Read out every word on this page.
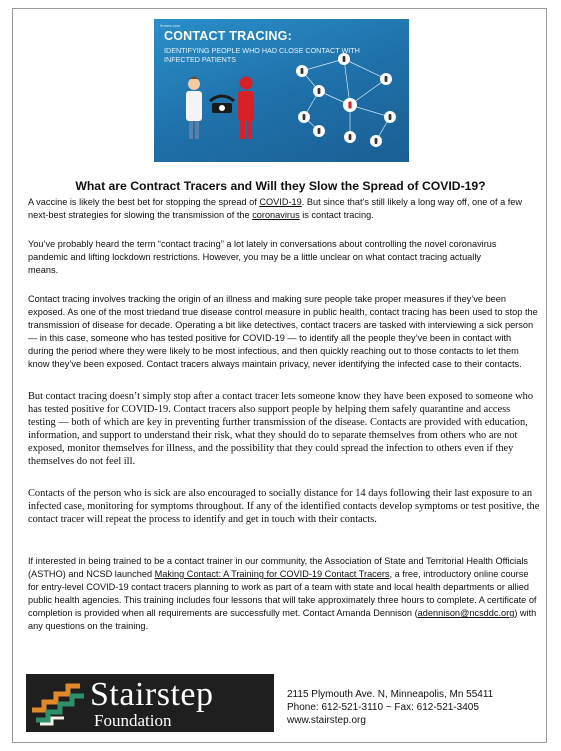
9news.com
CONTACT TRACING:
IDENTIFYING PEOPLE WHO HAD CLOSE CONTACT WITH INFECTED PATIENTS
What are Contract Tracers and Will they Slow the Spread of COVID-19?

A vaccine is likely the best bet for stopping the spread of COVID-19. But since that’s still likely a long way off, one of a few next-best strategies for slowing the transmission of the coronavirus is contact tracing.

You’ve probably heard the term “contact tracing” a lot lately in conversations about controlling the novel coronavirus pandemic and lifting lockdown restrictions. However, you may be a little unclear on what contact tracing actually means.

Contact tracing involves tracking the origin of an illness and making sure people take proper measures if they’ve been exposed. As one of the most triedand true disease control measure in public health, contact tracing has been used to stop the transmission of disease for decade. Operating a bit like detectives, contact tracers are tasked with interviewing a sick person — in this case, someone who has tested positive for COVID-19 — to identify all the people they’ve been in contact with during the period where they were likely to be most infectious, and then quickly reaching out to those contacts to let them know they’ve been exposed. Contact tracers always maintain privacy, never identifying the infected case to their contacts.

But contact tracing doesn’t simply stop after a contact tracer lets someone know they have been exposed to someone who has tested positive for COVID-19. Contact tracers also support people by helping them safely quarantine and access testing — both of which are key in preventing further transmission of the disease. Contacts are provided with education, information, and support to understand their risk, what they should do to separate themselves from others who are not exposed, monitor themselves for illness, and the possibility that they could spread the infection to others even if they themselves do not feel ill.

Contacts of the person who is sick are also encouraged to socially distance for 14 days following their last exposure to an infected case, monitoring for symptoms throughout. If any of the identified contacts develop symptoms or test positive, the contact tracer will repeat the process to identify and get in touch with their contacts.

If interested in being trained to be a contact trainer in our community, the Association of State and Territorial Health Officials (ASTHO) and NCSD launched Making Contact: A Training for COVID-19 Contact Tracers, a free, introductory online course for entry-level COVID-19 contact tracers planning to work as part of a team with state and local health departments or allied public health agencies. This training includes four lessons that will take approximately three hours to complete. A certificate of completion is provided when all requirements are successfully met. Contact Amanda Dennison (adennison@ncsddc.org) with any questions on the training.

Stairstep
Foundation
2115 Plymouth Ave. N, Minneapolis, Mn 55411
Phone: 612-521-3110 ~ Fax: 612-521-3405
www.stairstep.org
